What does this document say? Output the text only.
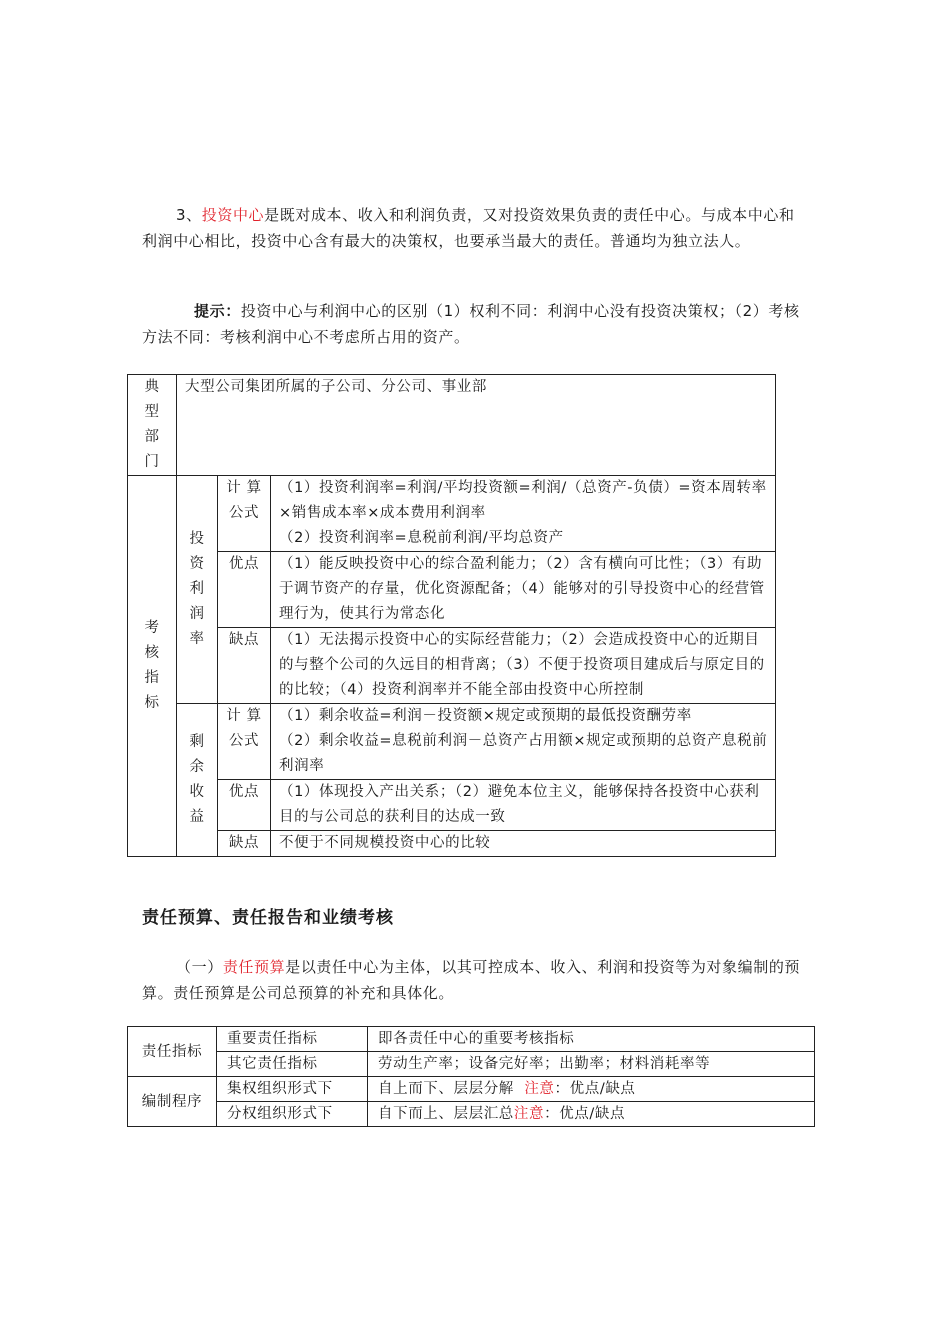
3、投资中心是既对成本、收入和利润负责，又对投资效果负责的责任中心。与成本中心和利润中心相比，投资中心含有最大的决策权，也要承当最大的责任。普通均为独立法人。

提示：投资中心与利润中心的区别（1）权利不同：利润中心没有投资决策权；（2）考核方法不同：考核利润中心不考虑所占用的资产。

典
型
部
门	大型公司集团所属的子公司、分公司、事业部		

考
核
指
标	投
资
利
润
率	计 算
公式	（1）投资利润率=利润/平均投资额=利润/（总资产-负债）=资本周转率×销售成本率×成本费用利润率
（2）投资利润率=息税前利润/平均总资产

		优点	（1）能反映投资中心的综合盈利能力；（2）含有横向可比性；（3）有助于调节资产的存量，优化资源配备；（4）能够对的引导投资中心的经营管理行为，使其行为常态化
		缺点	（1）无法揭示投资中心的实际经营能力；（2）会造成投资中心的近期目的与整个公司的久远目的相背离；（3）不便于投资项目建成后与原定目的的比较；（4）投资利润率并不能全部由投资中心所控制

	剩
余
收
益	计 算
公式	（1）剩余收益=利润－投资额×规定或预期的最低投资酬劳率
（2）剩余收益=息税前利润－总资产占用额×规定或预期的总资产息税前利润率

		优点	（1）体现投入产出关系；（2）避免本位主义，能够保持各投资中心获利目的与公司总的获利目的达成一致
		缺点	不便于不同规模投资中心的比较
责任预算、责任报告和业绩考核

（一）责任预算是以责任中心为主体，以其可控成本、收入、利润和投资等为对象编制的预算。责任预算是公司总预算的补充和具体化。

责任指标	重要责任指标	即各责任中心的重要考核指标
	其它责任指标	劳动生产率；设备完好率；出勤率；材料消耗率等
编制程序	集权组织形式下	自上而下、层层分解  注意：优点/缺点
	分权组织形式下	自下而上、层层汇总注意：优点/缺点
